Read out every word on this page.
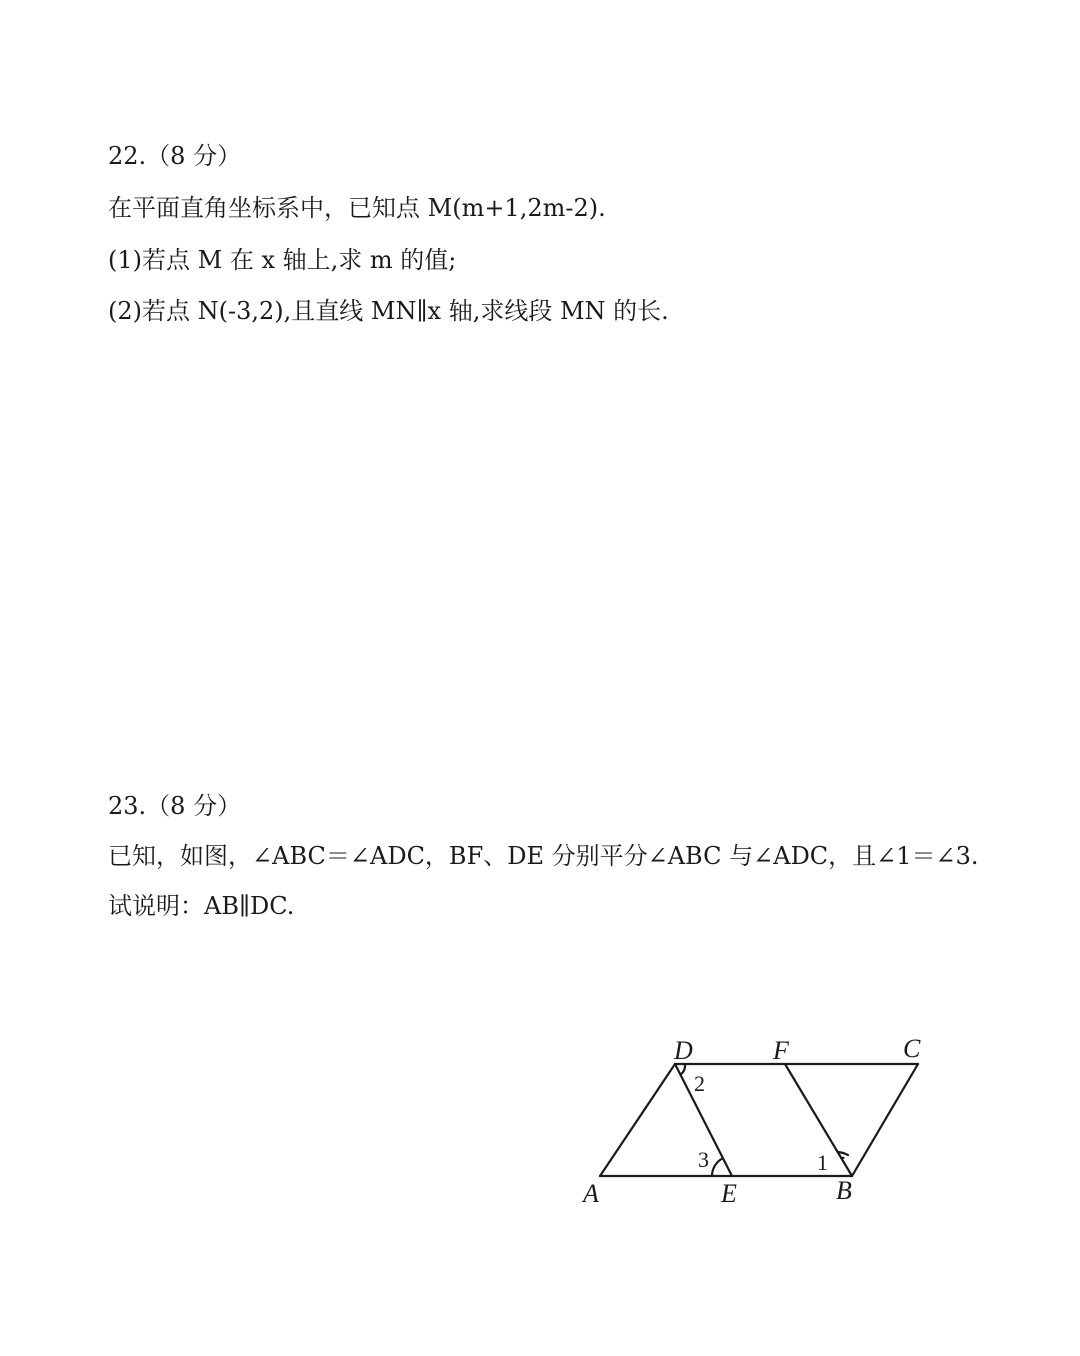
22.（8 分）
在平面直角坐标系中，已知点 M(m+1,2m-2).
(1)若点 M 在 x 轴上,求 m 的值;
(2)若点 N(-3,2),且直线 MN∥x 轴,求线段 MN 的长.
23.（8 分）
已知，如图，∠ABC＝∠ADC，BF、DE 分别平分∠ABC 与∠ADC，且∠1＝∠3.
试说明：AB∥DC.
D	F	C
A	E	B
2
3	1
